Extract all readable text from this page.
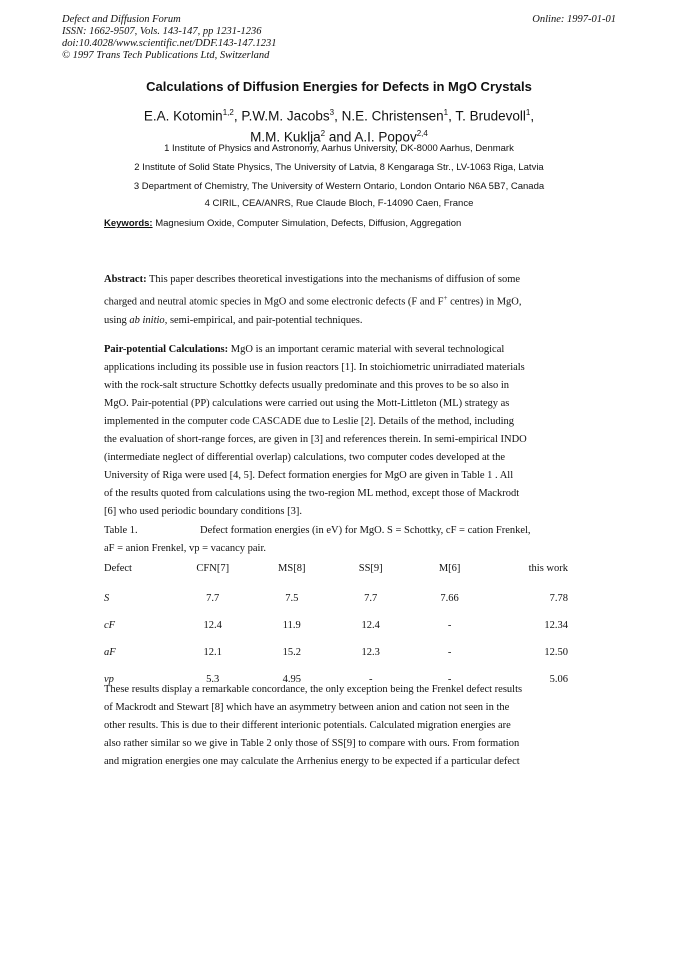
Defect and Diffusion Forum
ISSN: 1662-9507, Vols. 143-147, pp 1231-1236
doi:10.4028/www.scientific.net/DDF.143-147.1231
© 1997 Trans Tech Publications Ltd, Switzerland
Online: 1997-01-01
Calculations of Diffusion Energies for Defects in MgO Crystals
E.A. Kotomin$^{1,2}$, P.W.M. Jacobs$^3$, N.E. Christensen$^1$, T. Brudevoll$^1$,
M.M. Kuklja$^2$ and A.I. Popov$^{2,4}$
1 Institute of Physics and Astronomy, Aarhus University, DK-8000 Aarhus, Denmark
2 Institute of Solid State Physics, The University of Latvia, 8 Kengaraga Str., LV-1063 Riga, Latvia
3 Department of Chemistry, The University of Western Ontario, London Ontario N6A 5B7, Canada
4 CIRIL, CEA/ANRS, Rue Claude Bloch, F-14090 Caen, France
Keywords: Magnesium Oxide, Computer Simulation, Defects, Diffusion, Aggregation
Abstract: This paper describes theoretical investigations into the mechanisms of diffusion of some
charged and neutral atomic species in MgO and some electronic defects (F and F+ centres) in MgO,
using ab initio, semi-empirical, and pair-potential techniques.
Pair-potential Calculations: MgO is an important ceramic material with several technological
applications including its possible use in fusion reactors [1]. In stoichiometric unirradiated materials
with the rock-salt structure Schottky defects usually predominate and this proves to be so also in
MgO. Pair-potential (PP) calculations were carried out using the Mott-Littleton (ML) strategy as
implemented in the computer code CASCADE due to Leslie [2]. Details of the method, including
the evaluation of short-range forces, are given in [3] and references therein. In semi-empirical INDO
(intermediate neglect of differential overlap) calculations, two computer codes developed at the
University of Riga were used [4, 5]. Defect formation energies for MgO are given in Table 1 . All
of the results quoted from calculations using the two-region ML method, except those of Mackrodt
[6] who used periodic boundary conditions [3].
Table 1.	Defect formation energies (in eV) for MgO. S = Schottky, cF = cation Frenkel,
aF = anion Frenkel, vp = vacancy pair.
Defect	CFN[7]	MS[8]	SS[9]	M[6]	this work
S	7.7	7.5	7.7	7.66	7.78
cF	12.4	11.9	12.4	-	12.34
aF	12.1	15.2	12.3	-	12.50
vp	5.3	4.95	-	-	5.06
These results display a remarkable concordance, the only exception being the Frenkel defect results
of Mackrodt and Stewart [8] which have an asymmetry between anion and cation not seen in the
other results. This is due to their different interionic potentials. Calculated migration energies are
also rather similar so we give in Table 2 only those of SS[9] to compare with ours. From formation
and migration energies one may calculate the Arrhenius energy to be expected if a particular defect
